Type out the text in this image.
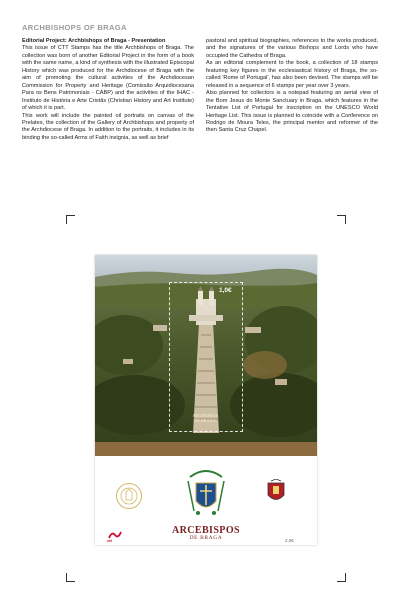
ARCHBISHOPS OF BRAGA

Editorial Project: Archbishops of Braga - Presentation

This issue of CTT Stamps has the title Archbishops of Braga. The collection was born of another Editorial Project in the form of a book with the same name, a kind of synthesis with the illustrated Episcopal History which was produced for the Archdiocese of Braga with the aim of promoting the cultural activities of the Archdiocesan Commission for Property and Heritage (Comissão Arquidiocesana Para os Bens Patrimoniais - CABP) and the activities of the IHAC - Instituto de História e Arte Cristãs (Christian History and Art Institute) of which it is part.

This work will include the painted oil portraits on canvas of the Prelates, the collection of the Gallery of Archbishops and property of the Archdiocese of Braga. In addition to the portraits, it includes in its binding the so-called Arms of Faith insignia, as well as brief

pastoral and spiritual biographies, references to the works produced, and the signatures of the various Bishops and Lords who have occupied the Cathedra of Braga.

As an editorial complement to the book, a collection of 18 stamps featuring key figures in the ecclesiastical history of Braga, the so-called 'Rome of Portugal', has also been devised. The stamps will be released in a sequence of 6 stamps per year over 3 years.

Also planned for collectors is a notepad featuring an aerial view of the Bom Jesus do Monte Sanctuary in Braga, which features in the Tentative List of Portugal for inscription on the UNESCO World Heritage List. This issue is planned to coincide with a Conference on Rodrigo de Moura Teles, the principal mentor and reformer of the then Santa Cruz Chapel.

1,0€
ARCEBISPOS
DE BRAGA
ARCEBISPOS
DE BRAGA
ctt	2,0€
